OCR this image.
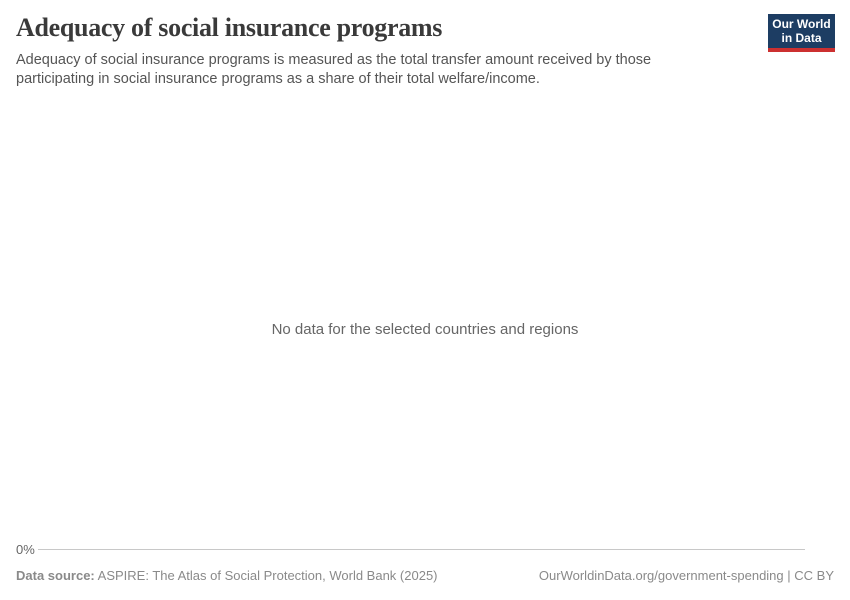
Adequacy of social insurance programs	Our World
in Data

Adequacy of social insurance programs is measured as the total transfer amount received by those participating in social insurance programs as a share of their total welfare/income.

No data for the selected countries and regions
0%
Data source: ASPIRE: The Atlas of Social Protection, World Bank (2025)	OurWorldinData.org/government-spending | CC BY
